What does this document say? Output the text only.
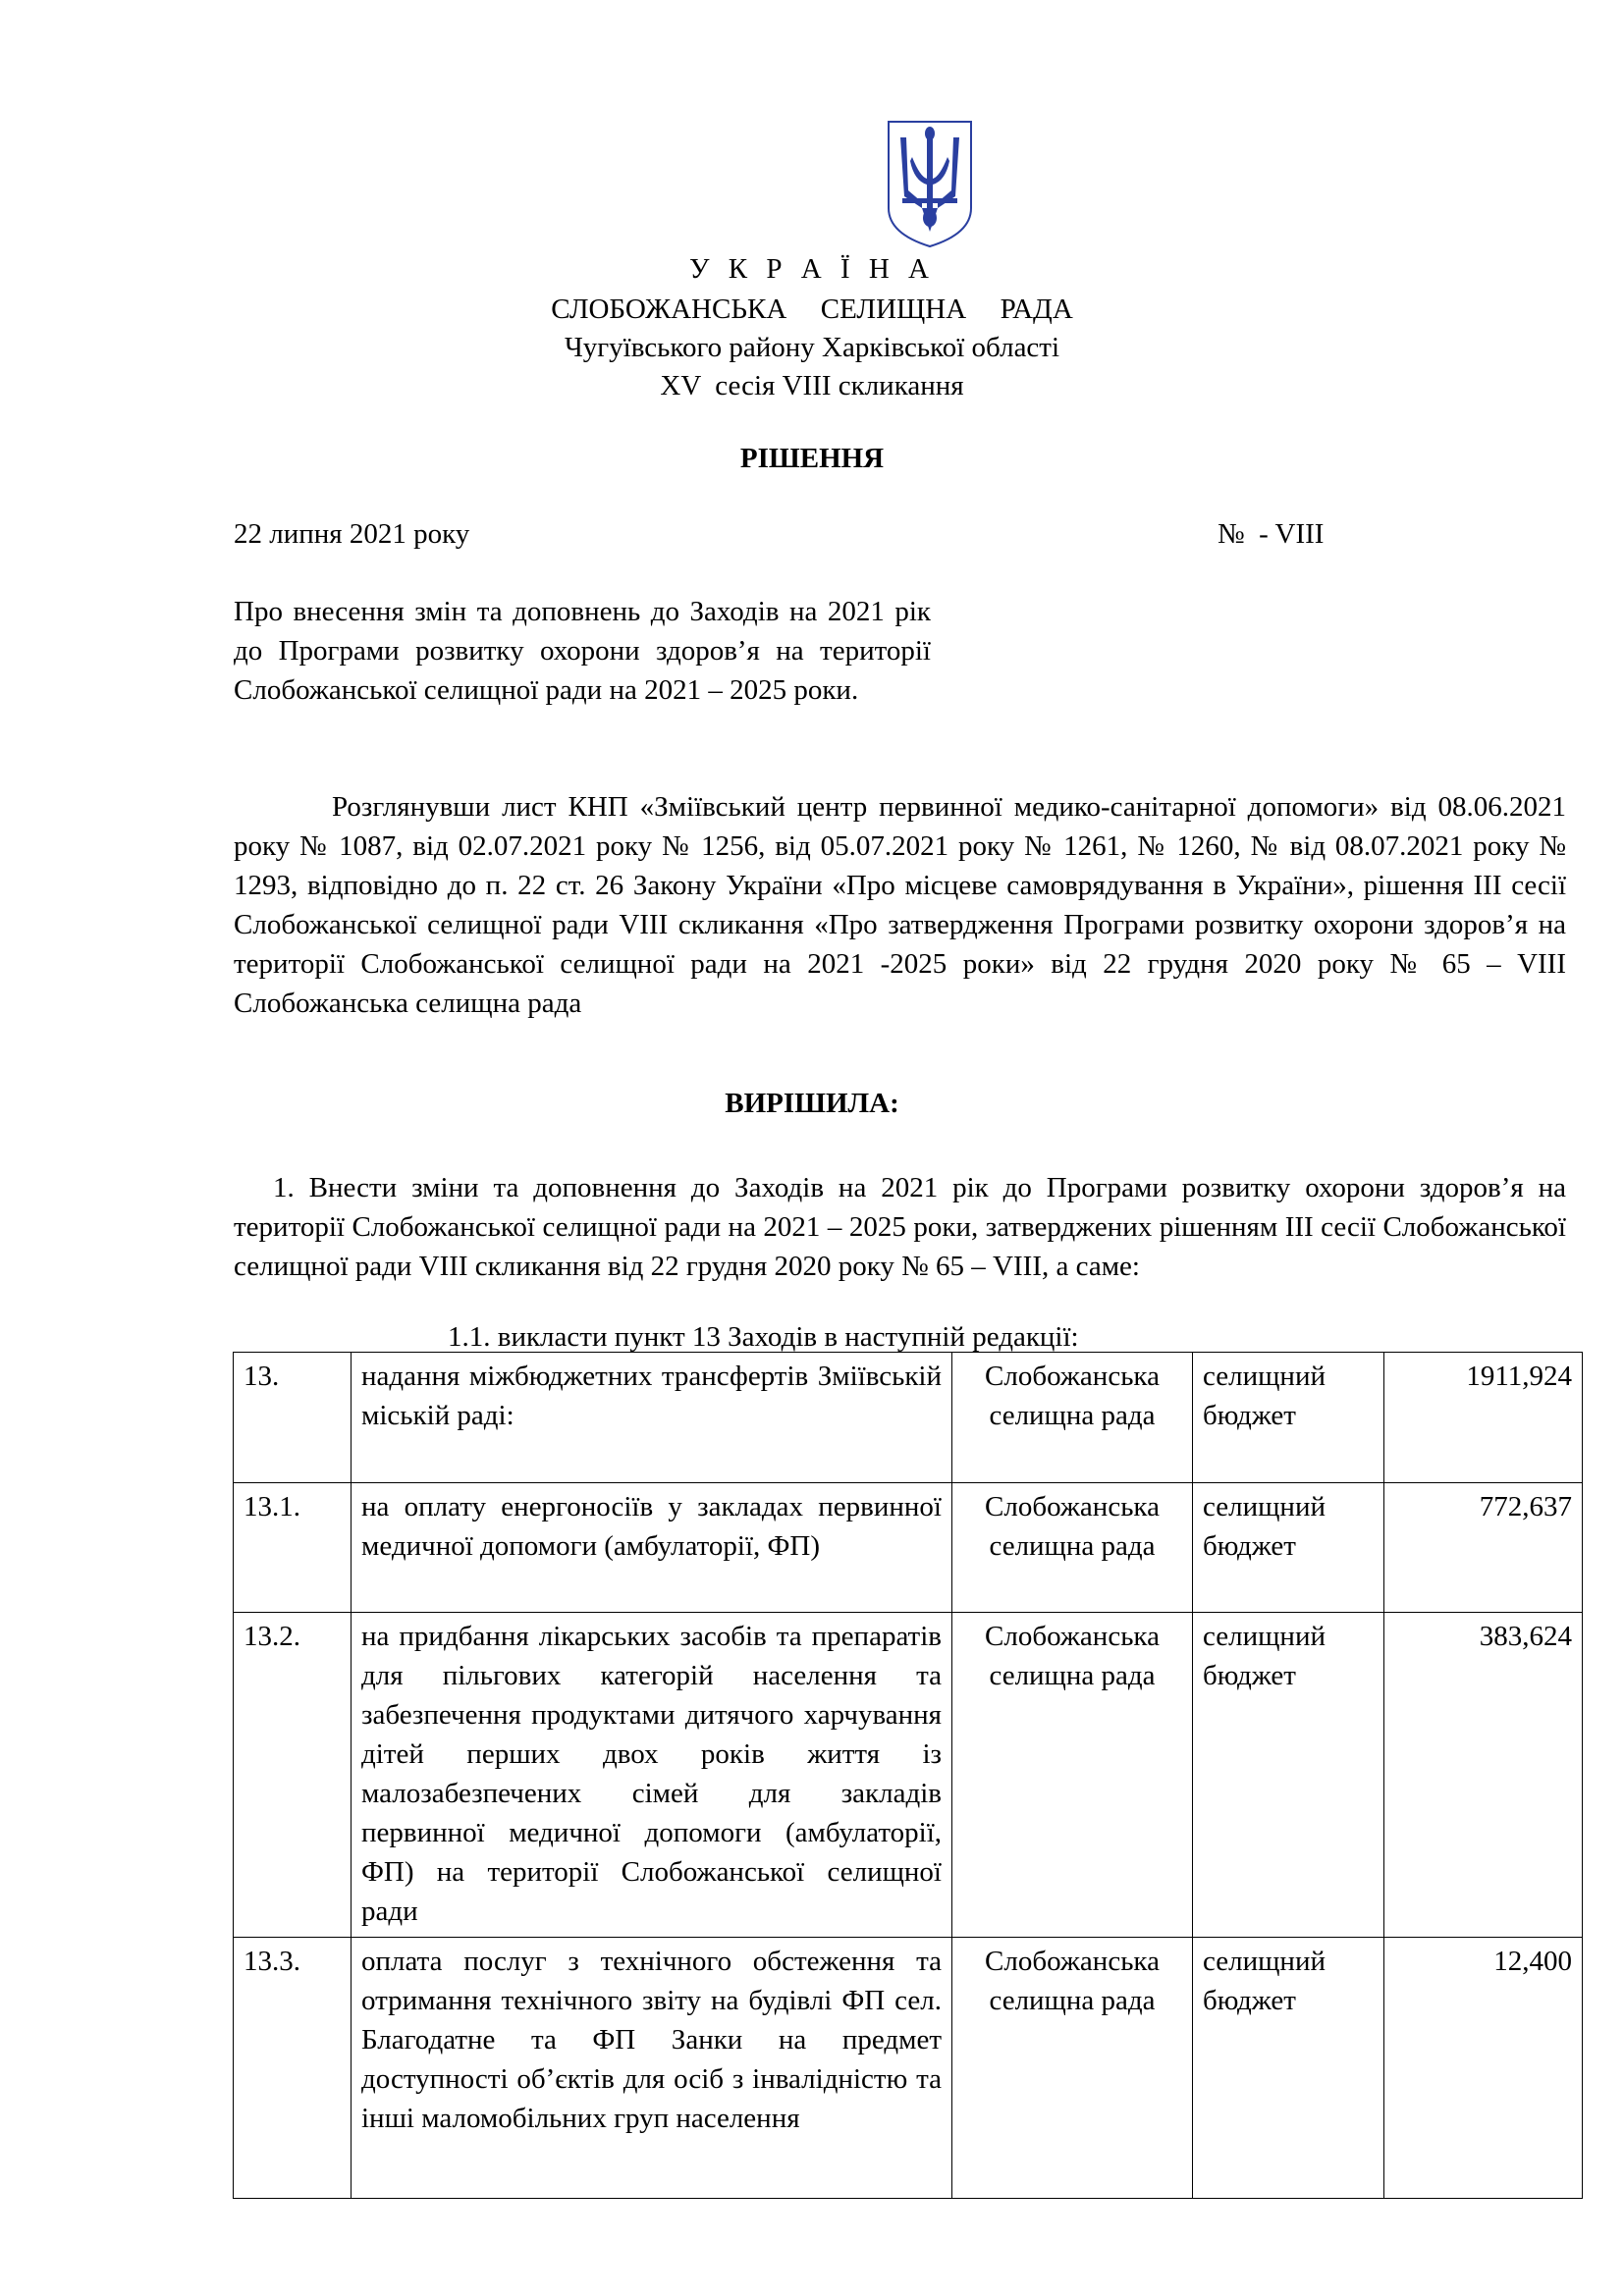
У К Р А Ї Н А
СЛОБОЖАНСЬКА  СЕЛИЩНА  РАДА
Чугуївського району Харківської області
XV  сесія VIII скликання
РІШЕННЯ
22 липня 2021 року	№  - VIII
Про внесення змін та доповнень до Заходів на 2021 рік до Програми розвитку охорони здоров’я на території Слобожанської селищної ради на 2021 – 2025 роки.
Розглянувши лист КНП «Зміївський центр первинної медико-санітарної допомоги» від 08.06.2021 року № 1087, від 02.07.2021 року № 1256, від 05.07.2021 року № 1261, № 1260, № від 08.07.2021 року № 1293, відповідно до п. 22 ст. 26 Закону України «Про місцеве самоврядування в України», рішення ІІІ сесії Слобожанської селищної ради VIII скликання «Про затвердження Програми розвитку охорони здоров’я на території Слобожанської селищної ради на 2021 -2025 роки» від 22 грудня 2020 року № 65 – VIII Слобожанська селищна рада
ВИРІШИЛА:
1. Внести зміни та доповнення до Заходів на 2021 рік до Програми розвитку охорони здоров’я на території Слобожанської селищної ради на 2021 – 2025 роки, затверджених рішенням ІІІ сесії Слобожанської селищної ради VIII скликання від 22 грудня 2020 року № 65 – VIII, а саме:
1.1. викласти пункт 13 Заходів в наступній редакції:
13.	надання міжбюджетних трансфертів Зміївській міській раді:	Слобожанська селищна рада	селищний бюджет	1911,924
13.1.	на оплату енергоносіїв у закладах первинної медичної допомоги (амбулаторії, ФП)	Слобожанська селищна рада	селищний бюджет	772,637
13.2.	на придбання лікарських засобів та препаратів для пільгових категорій населення та забезпечення продуктами дитячого харчування дітей перших двох років життя із малозабезпечених сімей для закладів первинної медичної допомоги (амбулаторії, ФП) на території Слобожанської селищної ради	Слобожанська селищна рада	селищний бюджет	383,624
13.3.	оплата послуг з технічного обстеження та отримання технічного звіту на будівлі ФП сел. Благодатне та ФП Занки на предмет доступності об’єктів для осіб з інвалідністю та інші маломобільних груп населення	Слобожанська селищна рада	селищний бюджет	12,400
